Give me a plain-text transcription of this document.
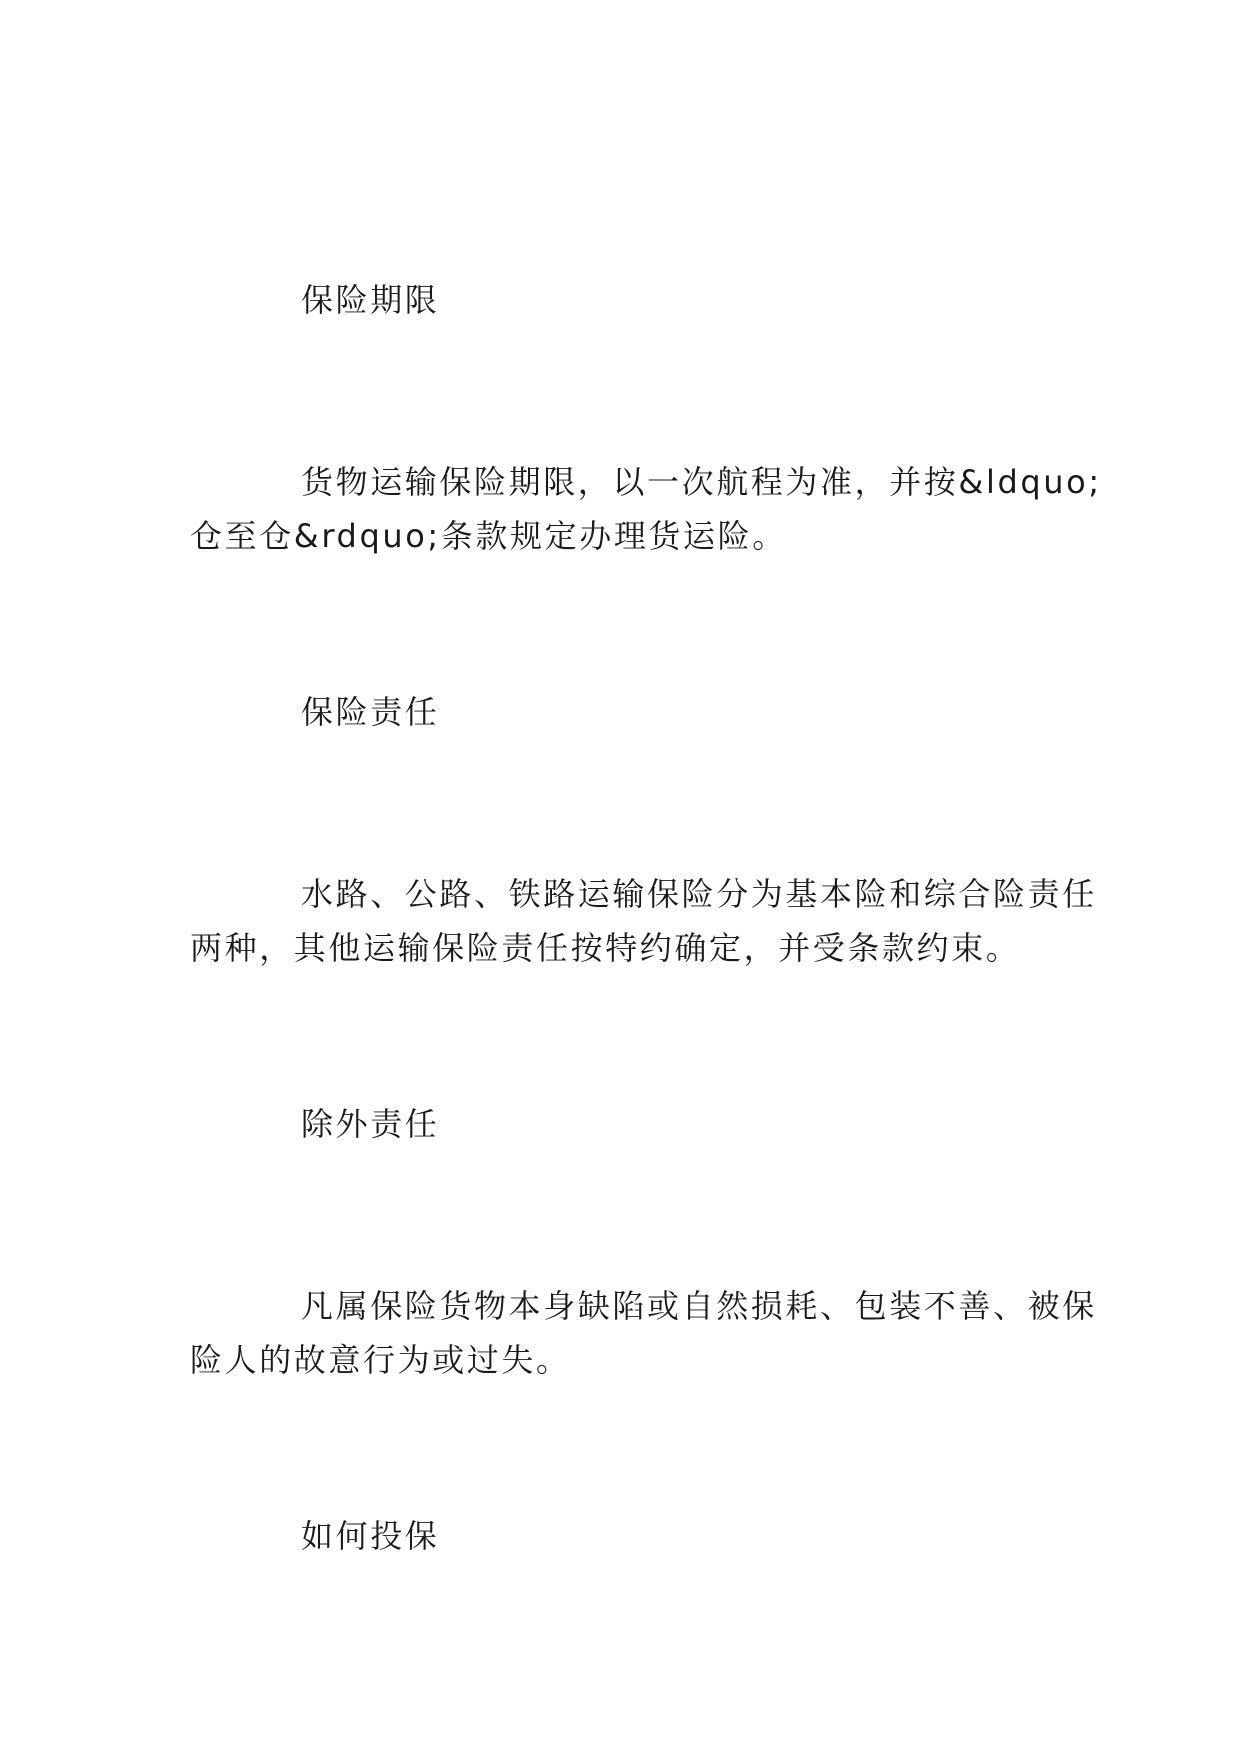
保险期限
货物运输保险期限，以一次航程为准，并按&ldquo;
仓至仓&rdquo;条款规定办理货运险。
保险责任
水路、公路、铁路运输保险分为基本险和综合险责任
两种，其他运输保险责任按特约确定，并受条款约束。
除外责任
凡属保险货物本身缺陷或自然损耗、包装不善、被保
险人的故意行为或过失。
如何投保
